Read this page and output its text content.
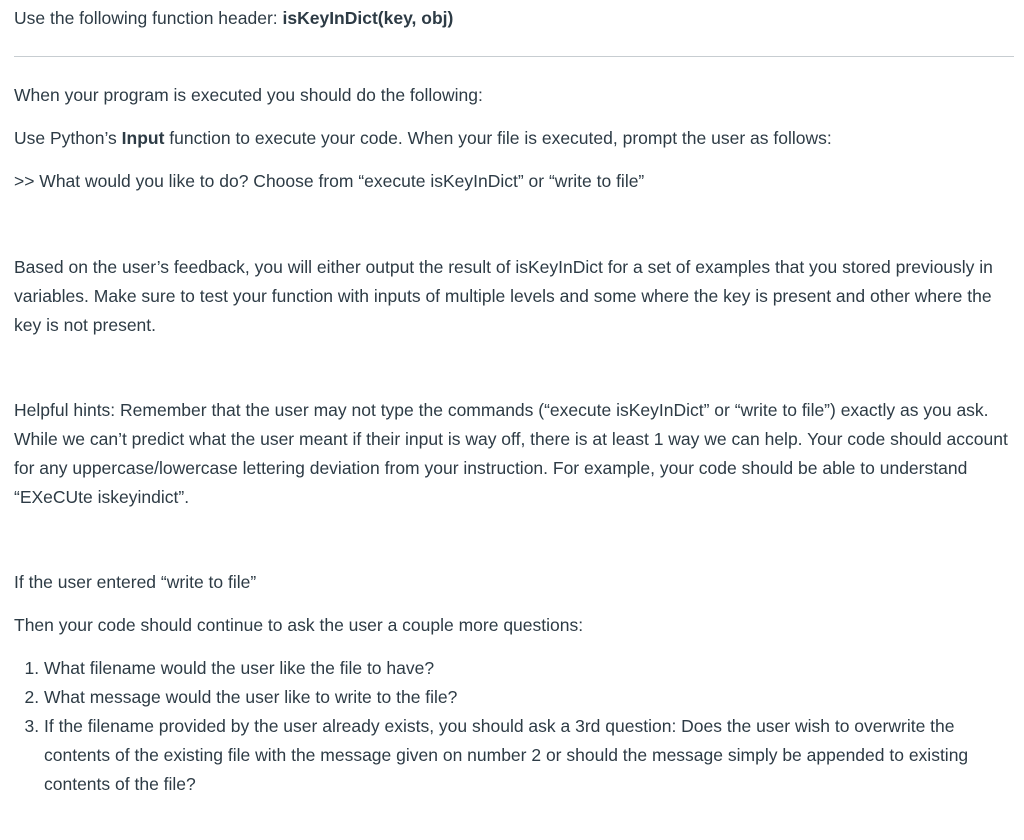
Use the following function header: isKeyInDict(key, obj)

When your program is executed you should do the following:

Use Python’s Input function to execute your code. When your file is executed, prompt the user as follows:

>> What would you like to do? Choose from “execute isKeyInDict” or “write to file”

Based on the user’s feedback, you will either output the result of isKeyInDict for a set of examples that you stored previously in variables. Make sure to test your function with inputs of multiple levels and some where the key is present and other where the key is not present.

Helpful hints: Remember that the user may not type the commands (“execute isKeyInDict” or “write to file”) exactly as you ask. While we can’t predict what the user meant if their input is way off, there is at least 1 way we can help. Your code should account for any uppercase/lowercase lettering deviation from your instruction. For example, your code should be able to understand “EXeCUte iskeyindict”.

If the user entered “write to file”

Then your code should continue to ask the user a couple more questions:

1. What filename would the user like the file to have?
2. What message would the user like to write to the file?
3. If the filename provided by the user already exists, you should ask a 3rd question: Does the user wish to overwrite the contents of the existing file with the message given on number 2 or should the message simply be appended to existing contents of the file?
